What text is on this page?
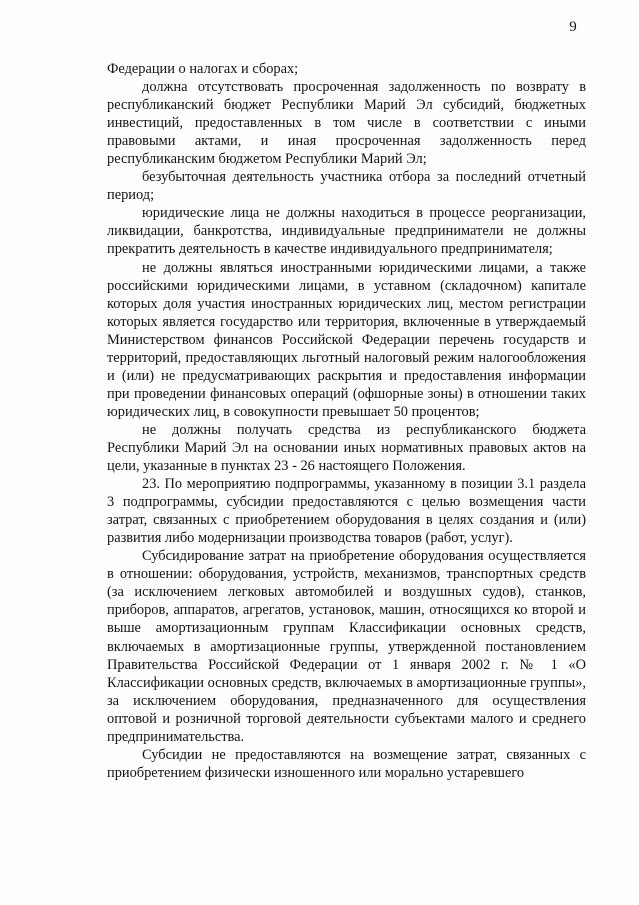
9

Федерации о налогах и сборах;

должна отсутствовать просроченная задолженность по возврату в республиканский бюджет Республики Марий Эл субсидий, бюджетных инвестиций, предоставленных в том числе в соответствии с иными правовыми актами, и иная просроченная задолженность перед республиканским бюджетом Республики Марий Эл;

безубыточная деятельность участника отбора за последний отчетный период;

юридические лица не должны находиться в процессе реорганизации, ликвидации, банкротства, индивидуальные предприниматели не должны прекратить деятельность в качестве индивидуального предпринимателя;

не должны являться иностранными юридическими лицами, а также российскими юридическими лицами, в уставном (складочном) капитале которых доля участия иностранных юридических лиц, местом регистрации которых является государство или территория, включенные в утверждаемый Министерством финансов Российской Федерации перечень государств и территорий, предоставляющих льготный налоговый режим налогообложения и (или) не предусматривающих раскрытия и предоставления информации при проведении финансовых операций (офшорные зоны) в отношении таких юридических лиц, в совокупности превышает 50 процентов;

не должны получать средства из республиканского бюджета Республики Марий Эл на основании иных нормативных правовых актов на цели, указанные в пунктах 23 - 26 настоящего Положения.

23. По мероприятию подпрограммы, указанному в позиции 3.1 раздела 3 подпрограммы, субсидии предоставляются с целью возмещения части затрат, связанных с приобретением оборудования в целях создания и (или) развития либо модернизации производства товаров (работ, услуг).

Субсидирование затрат на приобретение оборудования осуществляется в отношении: оборудования, устройств, механизмов, транспортных средств (за исключением легковых автомобилей и воздушных судов), станков, приборов, аппаратов, агрегатов, установок, машин, относящихся ко второй и выше амортизационным группам Классификации основных средств, включаемых в амортизационные группы, утвержденной постановлением Правительства Российской Федерации от 1 января 2002 г. № 1 «О Классификации основных средств, включаемых в амортизационные группы», за исключением оборудования, предназначенного для осуществления оптовой и розничной торговой деятельности субъектами малого и среднего предпринимательства.

Субсидии не предоставляются на возмещение затрат, связанных с приобретением физически изношенного или морально устаревшего
